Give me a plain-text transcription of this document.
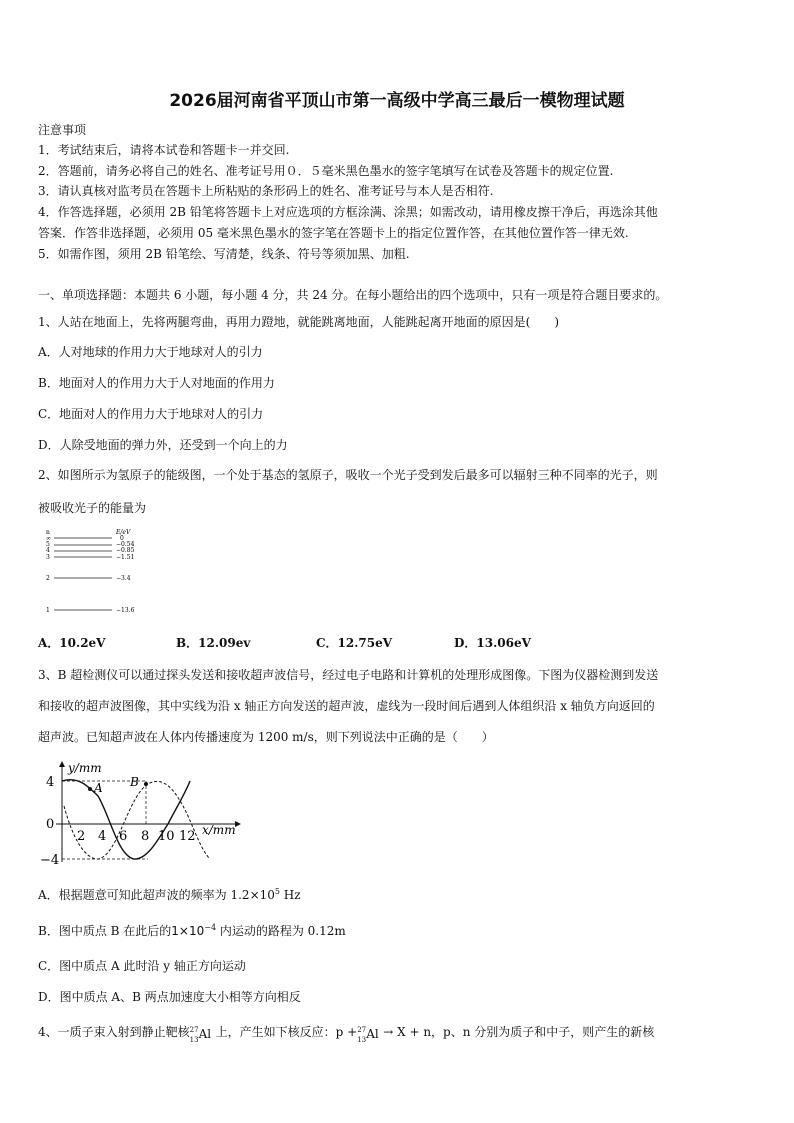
2026届河南省平顶山市第一高级中学高三最后一模物理试题
注意事项
1．考试结束后，请将本试卷和答题卡一并交回.
2．答题前，请务必将自己的姓名、准考证号用０．５毫米黑色墨水的签字笔填写在试卷及答题卡的规定位置.
3．请认真核对监考员在答题卡上所粘贴的条形码上的姓名、准考证号与本人是否相符.
4．作答选择题，必须用 2B 铅笔将答题卡上对应选项的方框涂满、涂黑；如需改动，请用橡皮擦干净后，再选涂其他
答案．作答非选择题，必须用 05 毫米黑色墨水的签字笔在答题卡上的指定位置作答，在其他位置作答一律无效.
5．如需作图，须用 2B 铅笔绘、写清楚，线条、符号等须加黑、加粗.
一、单项选择题：本题共 6 小题，每小题 4 分，共 24 分。在每小题给出的四个选项中，只有一项是符合题目要求的。
1、人站在地面上，先将两腿弯曲，再用力蹬地，就能跳离地面，人能跳起离开地面的原因是(　　)
A．人对地球的作用力大于地球对人的引力
B．地面对人的作用力大于人对地面的作用力
C．地面对人的作用力大于地球对人的引力
D．人除受地面的弹力外，还受到一个向上的力
2、如图所示为氢原子的能级图，一个处于基态的氢原子，吸收一个光子受到发后最多可以辐射三种不同率的光子，则
被吸收光子的能量为
n	E/eV
∞	0
5	−0.54
4	−0.85
3	−1.51
2	−3.4
1	−13.6
A．10.2eV	B．12.09ev	C．12.75eV	D．13.06eV
3、B 超检测仪可以通过探头发送和接收超声波信号，经过电子电路和计算机的处理形成图像。下图为仪器检测到发送
和接收的超声波图像，其中实线为沿 x 轴正方向发送的超声波，虚线为一段时间后遇到人体组织沿 x 轴负方向返回的
超声波。已知超声波在人体内传播速度为 1200 m/s，则下列说法中正确的是（　　）
y/mm
x/mm
4
0
−4
2 4 6 8 10 12
A B
A．根据题意可知此超声波的频率为 $1.2\times 10^5$ Hz
B．图中质点 B 在此后的$1\times 10^{-4}$ 内运动的路程为 0.12m
C．图中质点 A 此时沿 y 轴正方向运动
D．图中质点 A、B 两点加速度大小相等方向相反
4、一质子束入射到静止靶核 27
13 Al 上，产生如下核反应：p + 27
13 Al → X + n，p、n 分别为质子和中子，则产生的新核
